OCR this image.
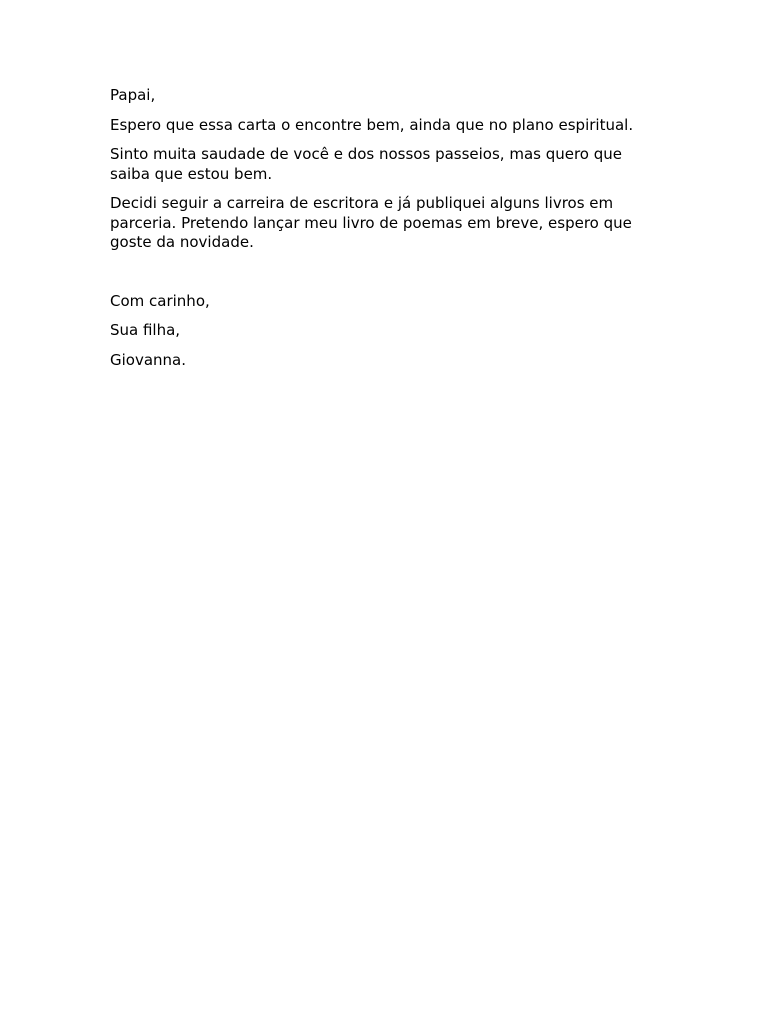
Papai,

Espero que essa carta o encontre bem, ainda que no plano espiritual.

Sinto muita saudade de você e dos nossos passeios, mas quero que saiba que estou bem.

Decidi seguir a carreira de escritora e já publiquei alguns livros em parceria. Pretendo lançar meu livro de poemas em breve, espero que goste da novidade.

Com carinho,

Sua filha,

Giovanna.
